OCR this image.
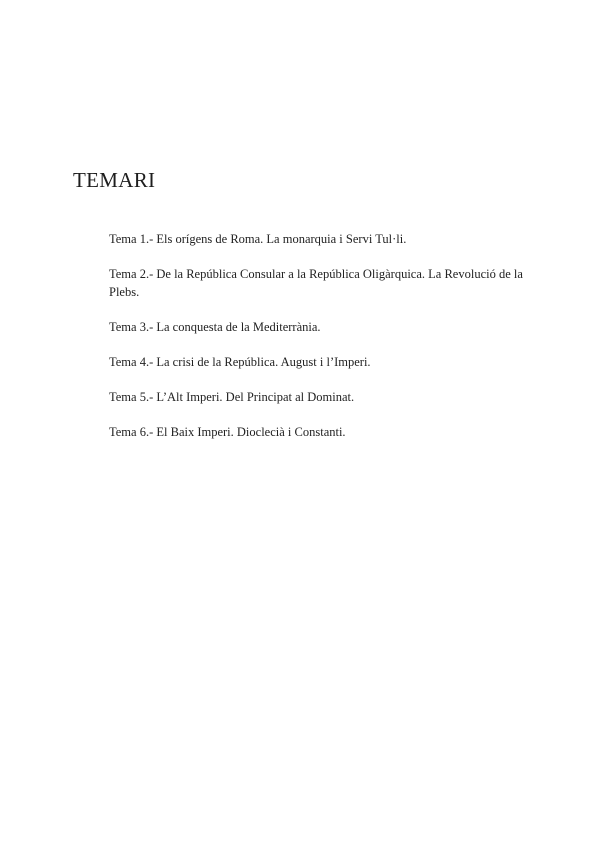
TEMARI
Tema 1.- Els orígens de Roma. La monarquia i Servi Tul·li.
Tema 2.- De la República Consular a la República Oligàrquica. La Revolució de la Plebs.
Tema 3.- La conquesta de la Mediterrània.
Tema 4.- La crisi de la República. August i l’Imperi.
Tema 5.- L’Alt Imperi. Del Principat al Dominat.
Tema 6.- El Baix Imperi. Dioclecià i Constanti.
